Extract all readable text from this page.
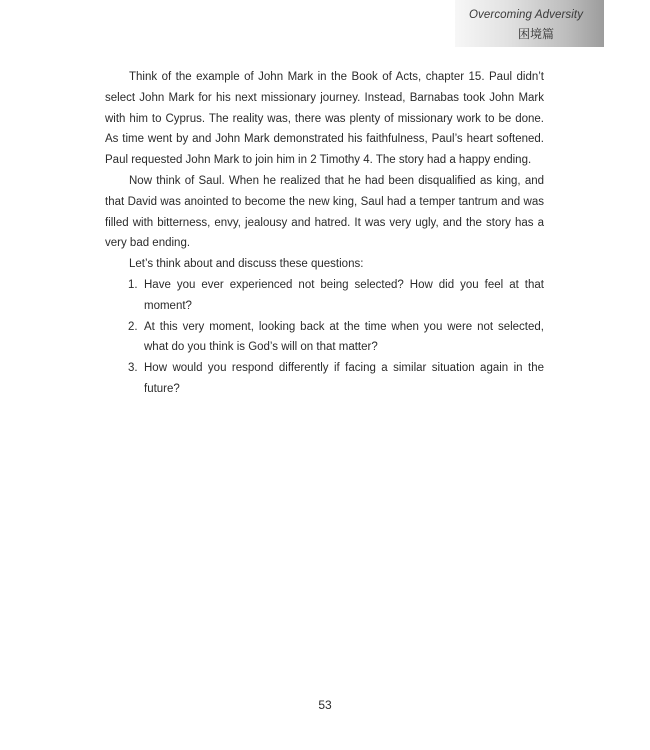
Overcoming Adversity
困境篇

Think of the example of John Mark in the Book of Acts, chapter 15. Paul didn’t select John Mark for his next missionary journey. Instead, Barnabas took John Mark with him to Cyprus. The reality was, there was plenty of missionary work to be done. As time went by and John Mark demonstrated his faithfulness, Paul’s heart softened. Paul requested John Mark to join him in 2 Timothy 4. The story had a happy ending.

Now think of Saul. When he realized that he had been disqualified as king, and that David was anointed to become the new king, Saul had a temper tantrum and was filled with bitterness, envy, jealousy and hatred. It was very ugly, and the story has a very bad ending.

Let’s think about and discuss these questions:

1. Have you ever experienced not being selected? How did you feel at that moment?
2. At this very moment, looking back at the time when you were not selected, what do you think is God’s will on that matter?
3. How would you respond differently if facing a similar situation again in the future?
53
